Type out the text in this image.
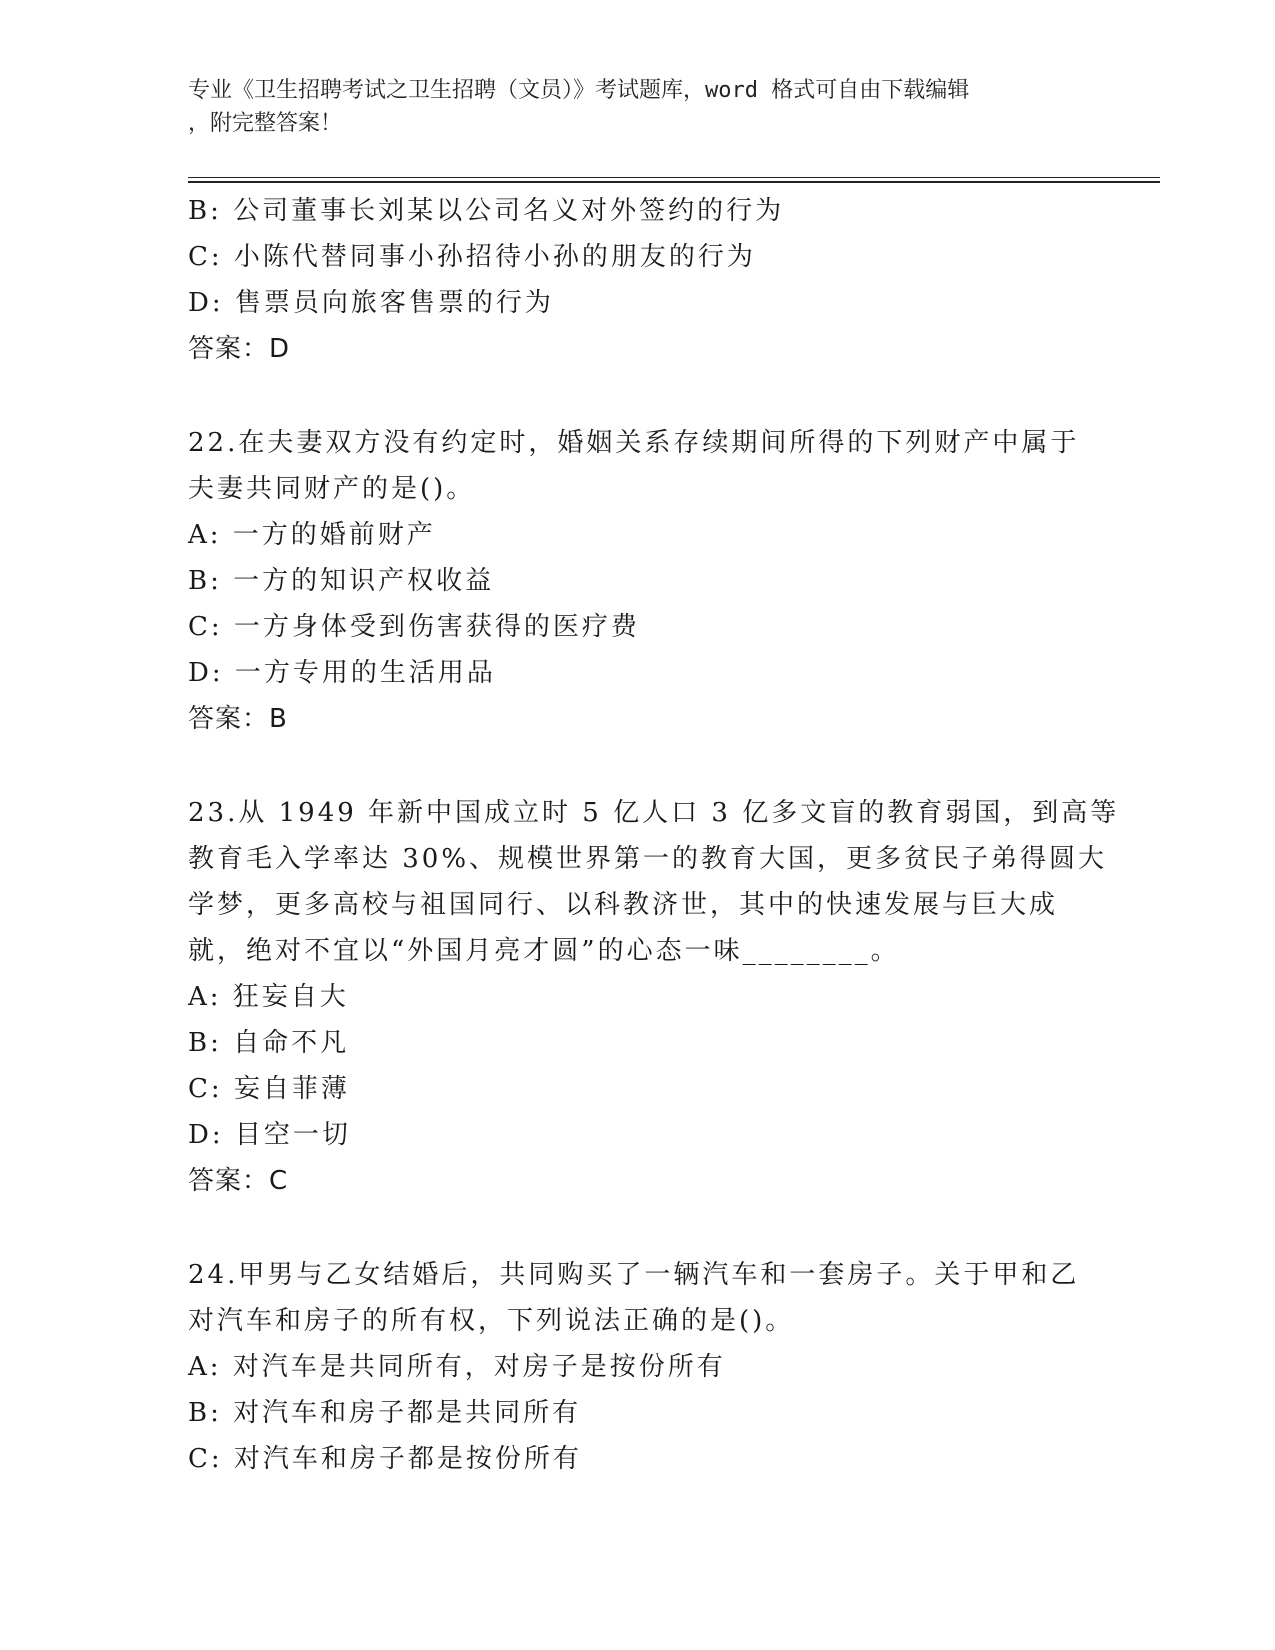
专业《卫生招聘考试之卫生招聘（文员）》考试题库，word 格式可自由下载编辑
，附完整答案！
B: 公司董事长刘某以公司名义对外签约的行为
C: 小陈代替同事小孙招待小孙的朋友的行为
D: 售票员向旅客售票的行为
答案：D
22.在夫妻双方没有约定时，婚姻关系存续期间所得的下列财产中属于
夫妻共同财产的是()。
A: 一方的婚前财产
B: 一方的知识产权收益
C: 一方身体受到伤害获得的医疗费
D: 一方专用的生活用品
答案：B
23.从 1949 年新中国成立时 5 亿人口 3 亿多文盲的教育弱国，到高等
教育毛入学率达 30%、规模世界第一的教育大国，更多贫民子弟得圆大
学梦，更多高校与祖国同行、以科教济世，其中的快速发展与巨大成
就，绝对不宜以“外国月亮才圆”的心态一味________。
A: 狂妄自大
B: 自命不凡
C: 妄自菲薄
D: 目空一切
答案：C
24.甲男与乙女结婚后，共同购买了一辆汽车和一套房子。关于甲和乙
对汽车和房子的所有权，下列说法正确的是()。
A: 对汽车是共同所有，对房子是按份所有
B: 对汽车和房子都是共同所有
C: 对汽车和房子都是按份所有
